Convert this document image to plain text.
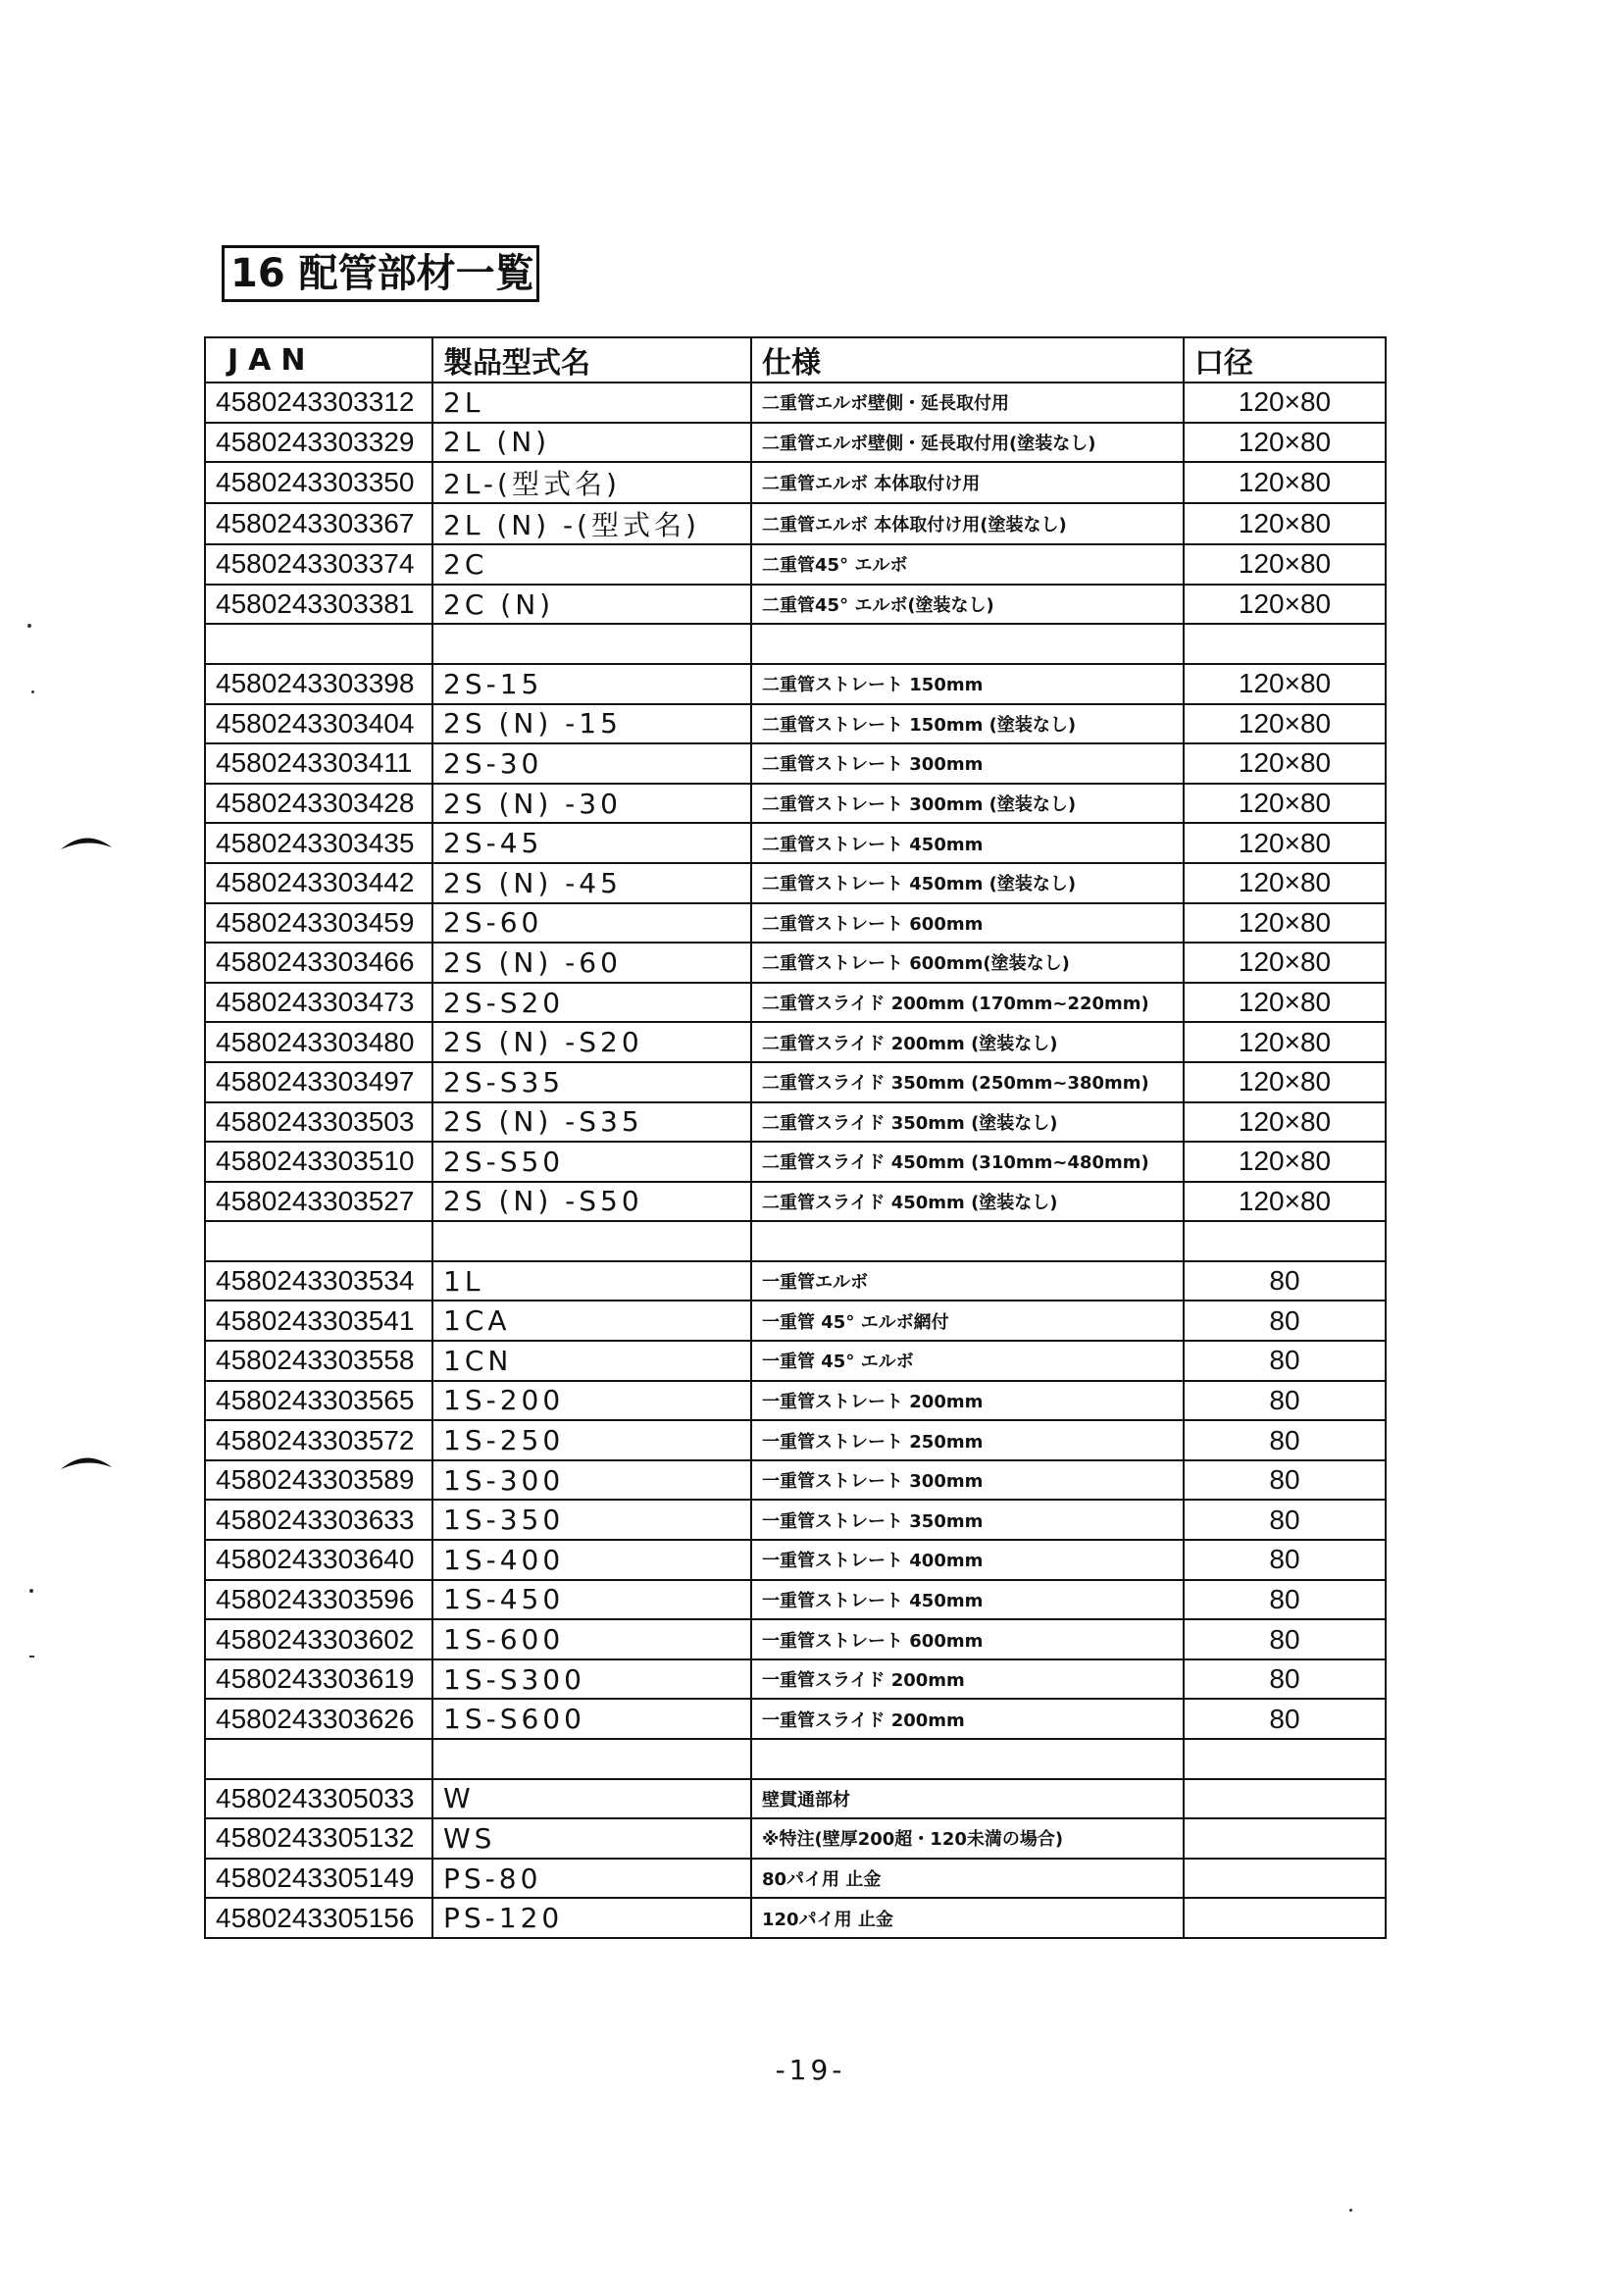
16 配管部材一覧
JAN	製品型式名	仕様	口径
4580243303312	2L	二重管エルボ壁側・延長取付用	120×80
4580243303329	2L (N)	二重管エルボ壁側・延長取付用(塗装なし)	120×80
4580243303350	2L-(型式名)	二重管エルボ 本体取付け用	120×80
4580243303367	2L (N) -(型式名)	二重管エルボ 本体取付け用(塗装なし)	120×80
4580243303374	2C	二重管45° エルボ	120×80
4580243303381	2C (N)	二重管45° エルボ(塗装なし)	120×80

4580243303398	2S-15	二重管ストレート 150mm	120×80
4580243303404	2S (N) -15	二重管ストレート 150mm (塗装なし)	120×80
4580243303411	2S-30	二重管ストレート 300mm	120×80
4580243303428	2S (N) -30	二重管ストレート 300mm (塗装なし)	120×80
4580243303435	2S-45	二重管ストレート 450mm	120×80
4580243303442	2S (N) -45	二重管ストレート 450mm (塗装なし)	120×80
4580243303459	2S-60	二重管ストレート 600mm	120×80
4580243303466	2S (N) -60	二重管ストレート 600mm(塗装なし)	120×80
4580243303473	2S-S20	二重管スライド 200mm (170mm~220mm)	120×80
4580243303480	2S (N) -S20	二重管スライド 200mm (塗装なし)	120×80
4580243303497	2S-S35	二重管スライド 350mm (250mm~380mm)	120×80
4580243303503	2S (N) -S35	二重管スライド 350mm (塗装なし)	120×80
4580243303510	2S-S50	二重管スライド 450mm (310mm~480mm)	120×80
4580243303527	2S (N) -S50	二重管スライド 450mm (塗装なし)	120×80

4580243303534	1L	一重管エルボ	80
4580243303541	1CA	一重管 45° エルボ網付	80
4580243303558	1CN	一重管 45° エルボ	80
4580243303565	1S-200	一重管ストレート 200mm	80
4580243303572	1S-250	一重管ストレート 250mm	80
4580243303589	1S-300	一重管ストレート 300mm	80
4580243303633	1S-350	一重管ストレート 350mm	80
4580243303640	1S-400	一重管ストレート 400mm	80
4580243303596	1S-450	一重管ストレート 450mm	80
4580243303602	1S-600	一重管ストレート 600mm	80
4580243303619	1S-S300	一重管スライド 200mm	80
4580243303626	1S-S600	一重管スライド 200mm	80

4580243305033	W	壁貫通部材	
4580243305132	WS	※特注(壁厚200超・120未満の場合)	
4580243305149	PS-80	80パイ用 止金	
4580243305156	PS-120	120パイ用 止金	
-19-
